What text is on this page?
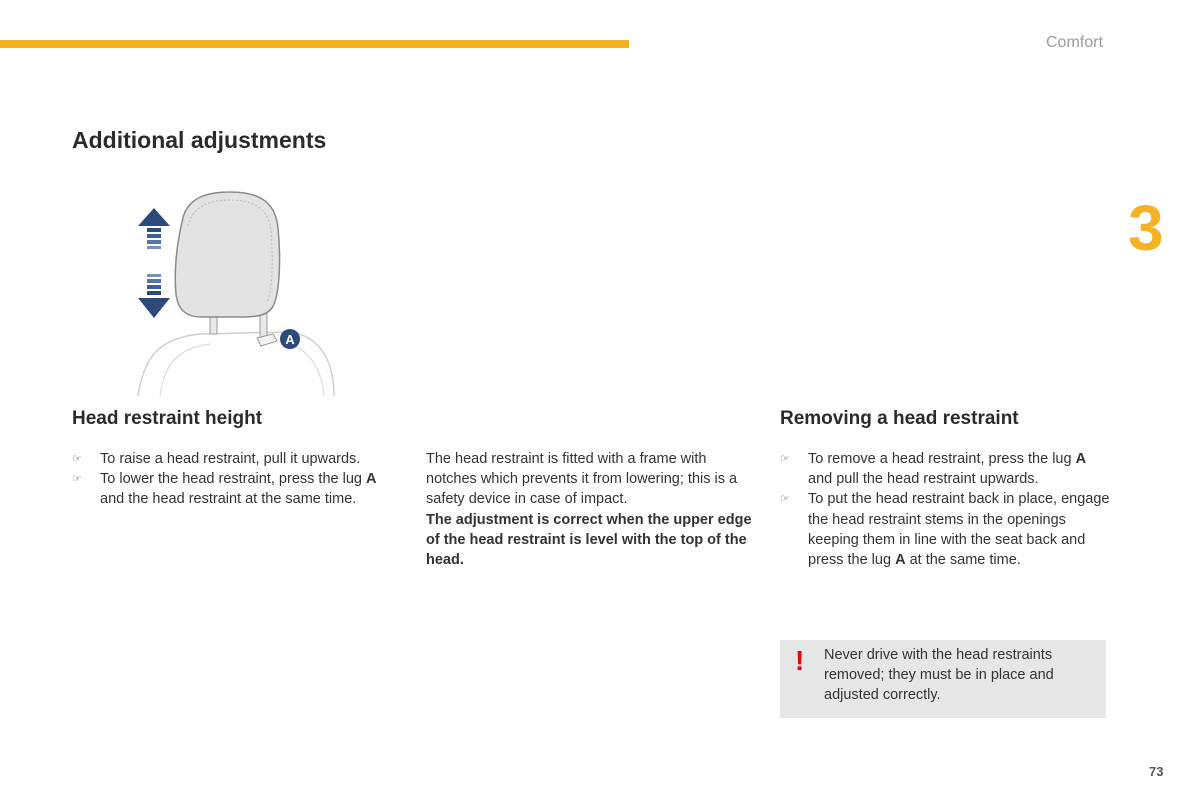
Comfort
3
Additional adjustments
A
Head restraint height
☞ To raise a head restraint, pull it upwards.
☞ To lower the head restraint, press the lug A and the head restraint at the same time.

The head restraint is fitted with a frame with notches which prevents it from lowering; this is a safety device in case of impact.
The adjustment is correct when the upper edge of the head restraint is level with the top of the head.

Removing a head restraint
☞ To remove a head restraint, press the lug A and pull the head restraint upwards.
☞ To put the head restraint back in place, engage the head restraint stems in the openings keeping them in line with the seat back and press the lug A at the same time.
! Never drive with the head restraints removed; they must be in place and adjusted correctly.

73
